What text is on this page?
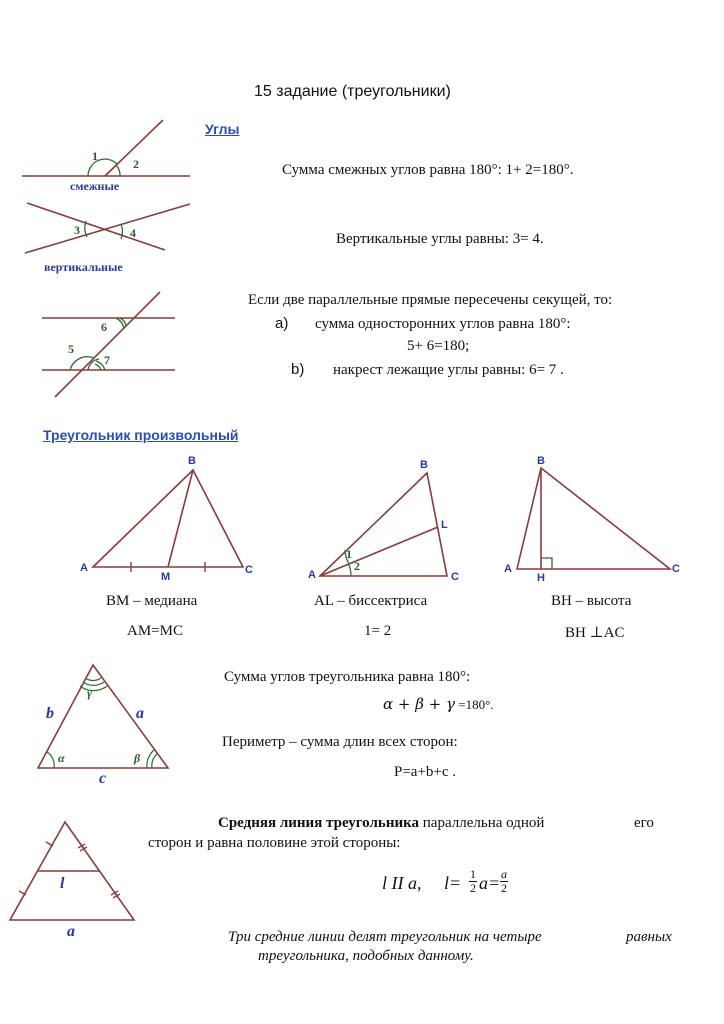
15 задание (треугольники)
Углы
1
2
смежные
3	4
вертикальные
6
5
7
A
B
C
M	A
B
C
L
1
2	A
B
C
H
γ
α	β
b	a
c
l
a
Сумма смежных углов равна 180°: 1+ 2=180°.
Вертикальные углы равны: 3= 4.
Если две параллельные прямые пересечены секущей, то:
a) сумма односторонних углов равна 180°:
5+ 6=180;
b) накрест лежащие углы равны: 6= 7 .
Треугольник произвольный
BM – медиана
AM=MC
AL – биссектриса
1= 2
BH – высота
BH ⊥AC
Сумма углов треугольника равна 180°:
α + β + γ =180°.
Периметр – сумма длин всех сторон:
P=a+b+c .
Средняя линия треугольника параллельна одной	его
сторон и равна половине этой стороны:
l II a, $l= \frac{1}{2} a= \frac{a}{2}$
Три средние линии делят треугольник на четыре	равных
треугольника, подобных данному.
